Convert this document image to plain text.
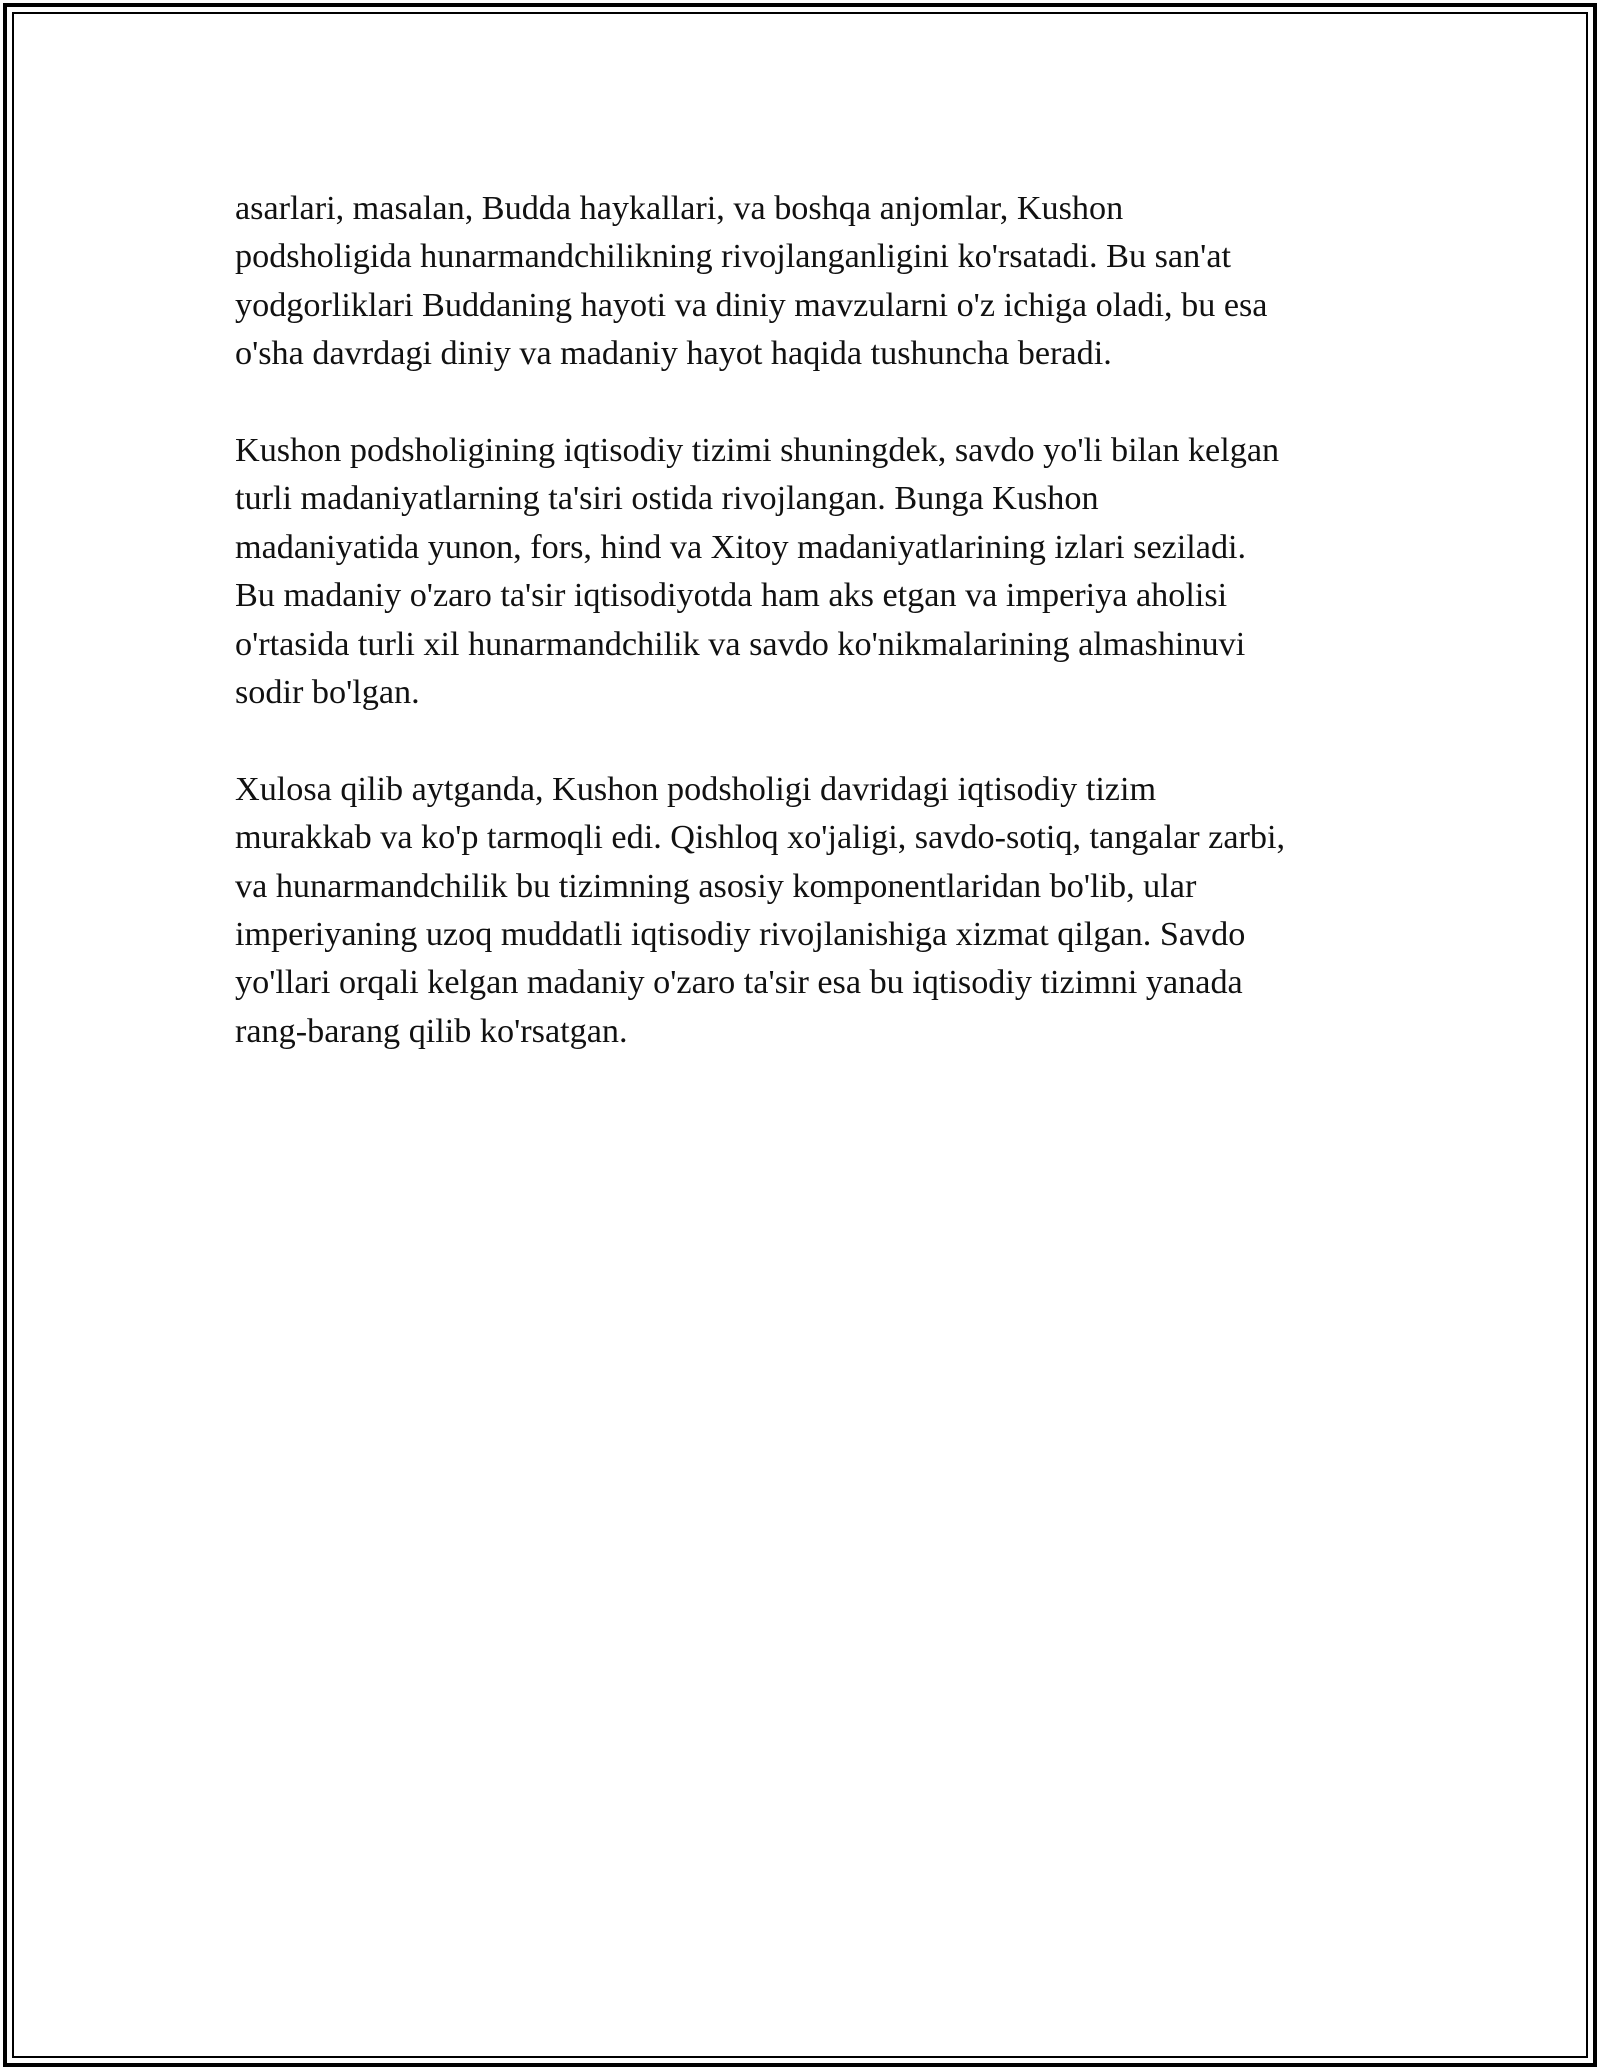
asarlari, masalan, Budda haykallari, va boshqa anjomlar, Kushon
podsholigida hunarmandchilikning rivojlanganligini ko'rsatadi. Bu san'at
yodgorliklari Buddaning hayoti va diniy mavzularni o'z ichiga oladi, bu esa
o'sha davrdagi diniy va madaniy hayot haqida tushuncha beradi.

Kushon podsholigining iqtisodiy tizimi shuningdek, savdo yo'li bilan kelgan
turli madaniyatlarning ta'siri ostida rivojlangan. Bunga Kushon
madaniyatida yunon, fors, hind va Xitoy madaniyatlarining izlari seziladi.
Bu madaniy o'zaro ta'sir iqtisodiyotda ham aks etgan va imperiya aholisi
o'rtasida turli xil hunarmandchilik va savdo ko'nikmalarining almashinuvi
sodir bo'lgan.

Xulosa qilib aytganda, Kushon podsholigi davridagi iqtisodiy tizim
murakkab va ko'p tarmoqli edi. Qishloq xo'jaligi, savdo-sotiq, tangalar zarbi,
va hunarmandchilik bu tizimning asosiy komponentlaridan bo'lib, ular
imperiyaning uzoq muddatli iqtisodiy rivojlanishiga xizmat qilgan. Savdo
yo'llari orqali kelgan madaniy o'zaro ta'sir esa bu iqtisodiy tizimni yanada
rang-barang qilib ko'rsatgan.
